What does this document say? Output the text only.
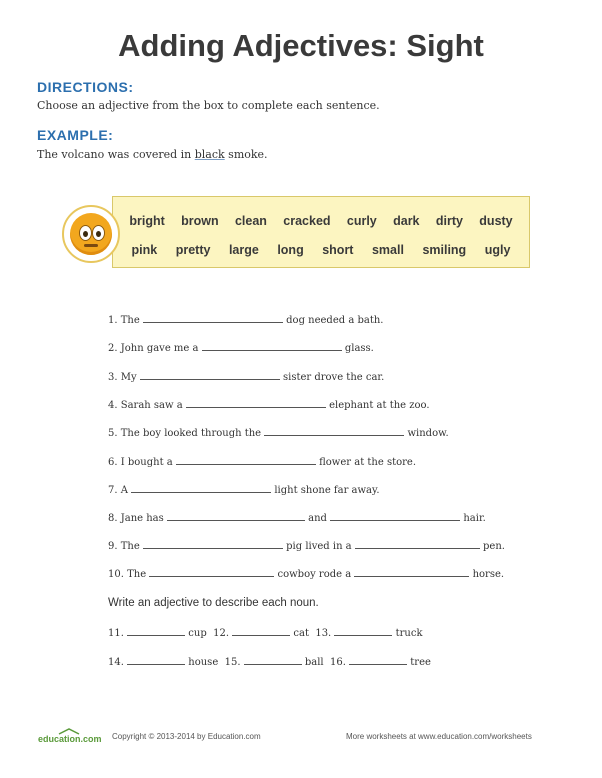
Adding Adjectives: Sight
DIRECTIONS:
Choose an adjective from the box to complete each sentence.
EXAMPLE:
The volcano was covered in black smoke.
bright brown clean cracked curly dark dirty dusty
pink pretty large long short small smiling ugly
1. The	dog needed a bath.
2. John gave me a	glass.
3. My	sister drove the car.
4. Sarah saw a	elephant at the zoo.
5. The boy looked through the	window.
6. I bought a	flower at the store.
7. A	light shone far away.
8. Jane has	and	hair.
9. The	pig lived in a	pen.
10. The	cowboy rode a	horse.
Write an adjective to describe each noun.
11.	cup 12.	cat 13.	truck
14.	house 15.	ball 16.	tree
education.com Copyright © 2013-2014 by Education.com	More worksheets at www.education.com/worksheets
